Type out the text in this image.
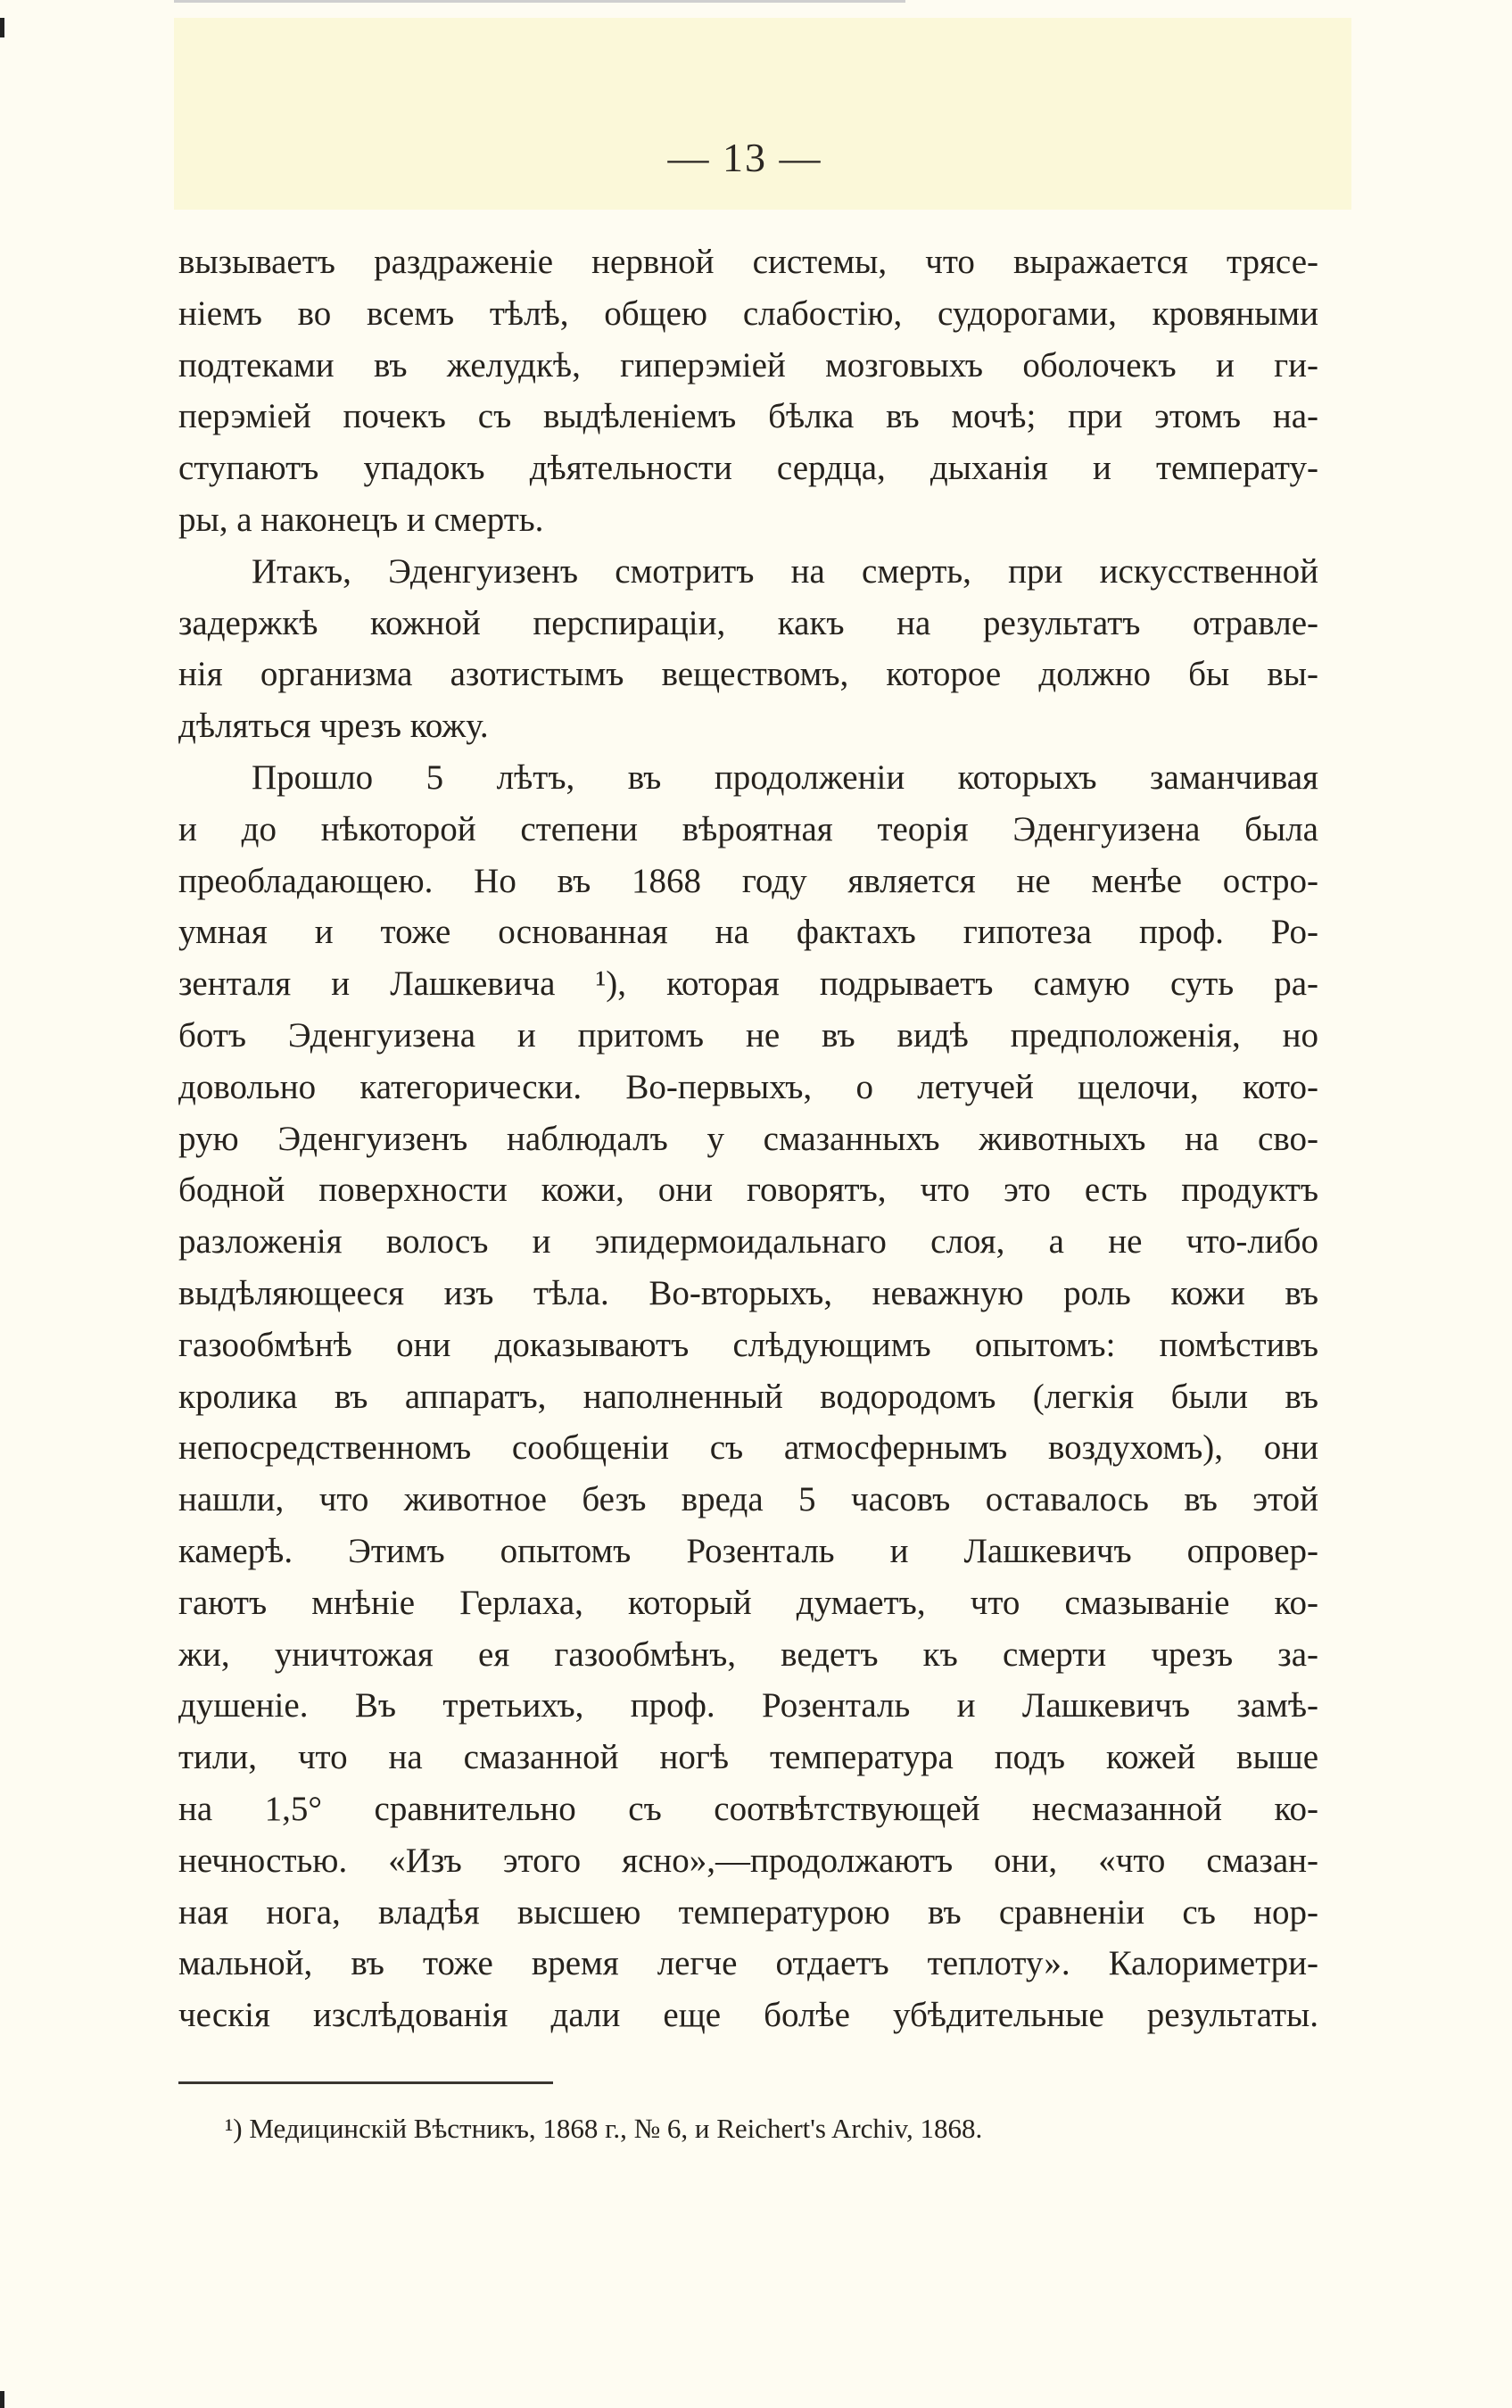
— 13 —
вызываетъ раздраженіе нервной системы, что выражается трясе-
ніемъ во всемъ тѣлѣ, общею слабостію, судорогами, кровяными
подтеками въ желудкѣ, гиперэміей мозговыхъ оболочекъ и ги-
перэміей почекъ съ выдѣленіемъ бѣлка въ мочѣ; при этомъ на-
ступаютъ упадокъ дѣятельности сердца, дыханія и температу-
ры, а наконецъ и смерть.
Итакъ, Эденгуизенъ смотритъ на смерть, при искусственной
задержкѣ кожной перспираціи, какъ на результатъ отравле-
нія организма азотистымъ веществомъ, которое должно бы вы-
дѣляться чрезъ кожу.
Прошло 5 лѣтъ, въ продолженіи которыхъ заманчивая
и до нѣкоторой степени вѣроятная теорія Эденгуизена была
преобладающею. Но въ 1868 году является не менѣе остро-
умная и тоже основанная на фактахъ гипотеза проф. Ро-
зенталя и Лашкевича ¹), которая подрываетъ самую суть ра-
ботъ Эденгуизена и притомъ не въ видѣ предположенія, но
довольно категорически. Во-первыхъ, о летучей щелочи, кото-
рую Эденгуизенъ наблюдалъ у смазанныхъ животныхъ на сво-
бодной поверхности кожи, они говорятъ, что это есть продуктъ
разложенія волосъ и эпидермоидальнаго слоя, а не что-либо
выдѣляющееся изъ тѣла. Во-вторыхъ, неважную роль кожи въ
газообмѣнѣ они доказываютъ слѣдующимъ опытомъ: помѣстивъ
кролика въ аппаратъ, наполненный водородомъ (легкія были въ
непосредственномъ сообщеніи съ атмосфернымъ воздухомъ), они
нашли, что животное безъ вреда 5 часовъ оставалось въ этой
камерѣ. Этимъ опытомъ Розенталь и Лашкевичъ опровер-
гаютъ мнѣніе Герлаха, который думаетъ, что смазываніе ко-
жи, уничтожая ея газообмѣнъ, ведетъ къ смерти чрезъ за-
душеніе. Въ третьихъ, проф. Розенталь и Лашкевичъ замѣ-
тили, что на смазанной ногѣ температура подъ кожей выше
на 1,5° сравнительно съ соотвѣтствующей несмазанной ко-
нечностью. «Изъ этого ясно»,—продолжаютъ они, «что смазан-
ная нога, владѣя высшею температурою въ сравненіи съ нор-
мальной, въ тоже время легче отдаетъ теплоту». Калориметри-
ческія изслѣдованія дали еще болѣе убѣдительные результаты.
¹) Медицинскій Вѣстникъ, 1868 г., № 6, и Reichert's Archiv, 1868.
